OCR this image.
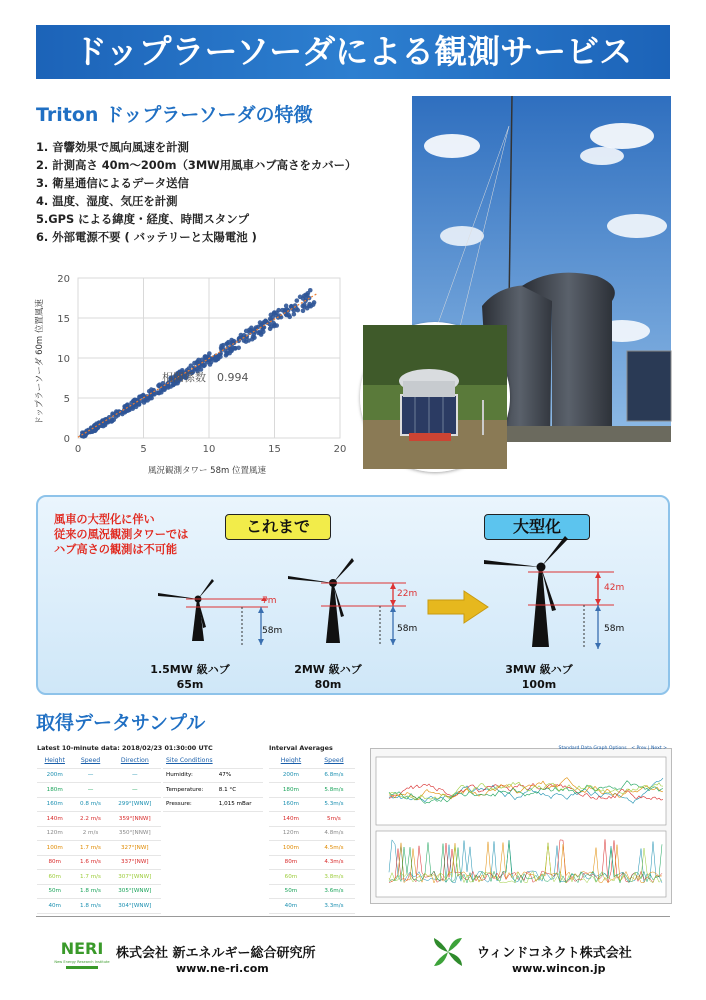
ドップラーソーダによる観測サービス
Triton ドップラーソーダの特徴
1. 音響効果で風向風速を計測
2. 計測高さ 40m〜200m（3MW用風車ハブ高さをカバー）
3. 衛星通信によるデータ送信
4. 温度、湿度、気圧を計測
5.GPS による緯度・経度、時間スタンプ
6. 外部電源不要 ( バッテリーと太陽電池 )
0	5	10	15	20
0
5
10
15
20
相関係数　0.994
風況観測タワー 58m 位置風速
ドップラーソーダ 60m 位置風速
風車の大型化に伴い
従来の風況観測タワーでは
ハブ高さの観測は不可能
これまで	大型化
7m
58m
22m
58m
42m
58m
1.5MW 級ハブ
65m
2MW 級ハブ
80m
3MW 級ハブ
100m
取得データサンプル
Latest 10-minute data: 2018/02/23 01:30:00 UTC
Height	Speed	Direction
200m	—	—
180m	—	—
160m	0.8 m/s	299°[WNW]
140m	2.2 m/s	359°[NNW]
120m	2 m/s	350°[NNW]
100m	1.7 m/s	327°[NW]
80m	1.6 m/s	337°[NW]
60m	1.7 m/s	307°[WNW]
50m	1.8 m/s	305°[WNW]
40m	1.8 m/s	304°[WNW]
Site Conditions	
Humidity:	47%
Temperature:	8.1 °C
Pressure:	1,015 mBar
Interval Averages
Height	Speed
200m	6.8m/s
180m	5.8m/s
160m	5.3m/s
140m	5m/s
120m	4.8m/s
100m	4.5m/s
80m	4.3m/s
60m	3.8m/s
50m	3.6m/s
40m	3.3m/s
Standard Data Graph Options　< Prev | Next >
NERI
New Energy Research Institute
株式会社 新エネルギー総合研究所
www.ne-ri.com
ウィンドコネクト株式会社
www.wincon.jp
